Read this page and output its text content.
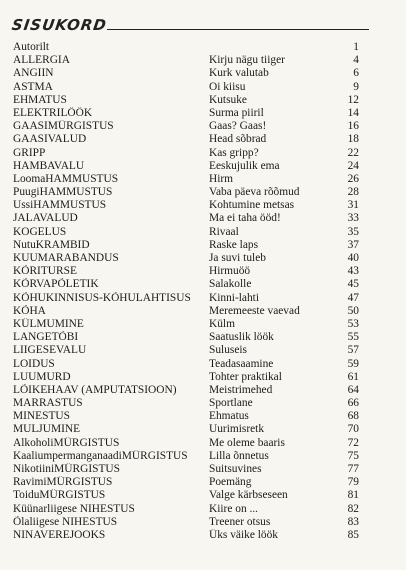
SISUKORD
Autorilt	1
ALLERGIA	Kirju nägu tiiger	4
ANGIIN	Kurk valutab	6
ASTMA	Oi kiisu	9
EHMATUS	Kutsuke	12
ELEKTRILÖÖK	Surma piiril	14
GAASIMÜRGISTUS	Gaas? Gaas!	16
GAASIVALUD	Head sõbrad	18
GRIPP	Kas gripp?	22
HAMBAVALU	Eeskujulik ema	24
LoomaHAMMUSTUS	Hirm	26
PuugiHAMMUSTUS	Vaba päeva rõõmud	28
UssiHAMMUSTUS	Kohtumine metsas	31
JALAVALUD	Ma ei taha ööd!	33
KOGELUS	Rivaal	35
NutuKRAMBID	Raske laps	37
KUUMARABANDUS	Ja suvi tuleb	40
KÕRITURSE	Hirmuöö	43
KÕRVAPÕLETIK	Salakolle	45
KÕHUKINNISUS-KÕHULAHTISUS	Kinni-lahti	47
KÕHA	Meremeeste vaevad	50
KÜLMUMINE	Külm	53
LANGETÕBI	Saatuslik löök	55
LIIGESEVALU	Suluseis	57
LOIDUS	Teadasaamine	59
LUUMURD	Tohter praktikal	61
LÕIKEHAAV (AMPUTATSIOON)	Meistrimehed	64
MARRASTUS	Sportlane	66
MINESTUS	Ehmatus	68
MULJUMINE	Uurimisretk	70
AlkoholiMÜRGISTUS	Me oleme baaris	72
KaaliumpermanganaadiMÜRGISTUS	Lilla õnnetus	75
NikotiiniMÜRGISTUS	Suitsuvines	77
RavimiMÜRGISTUS	Poemäng	79
ToiduMÜRGISTUS	Valge kärbseseen	81
Küünarliigese NIHESTUS	Kiire on ...	82
Õlaliigese NIHESTUS	Treener otsus	83
NINAVEREJOOKS	Üks väike löök	85
